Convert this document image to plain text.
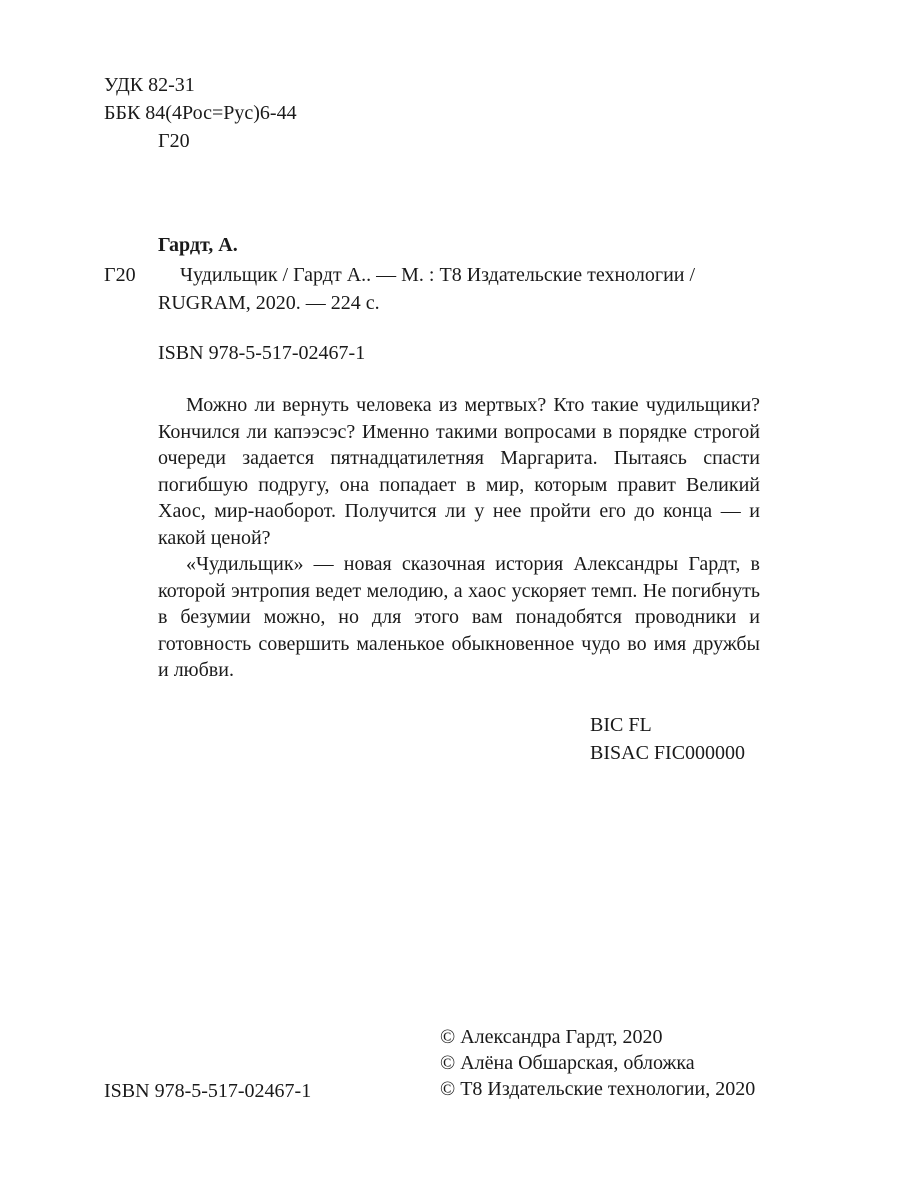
УДК 82-31
ББК 84(4Рос=Рус)6-44
Г20
Гардт, А.
Г20 Чудильщик / Гардт А.. — М. : Т8 Издательские технологии /
RUGRAM, 2020. — 224 с.
ISBN 978-5-517-02467-1

Можно ли вернуть человека из мертвых? Кто такие чудильщики? Кончился ли капээсэс? Именно такими вопросами в порядке строгой очереди задается пятнадцатилетняя Маргарита. Пытаясь спасти погибшую подругу, она попадает в мир, которым правит Великий Хаос, мир-наоборот. Получится ли у нее пройти его до конца — и какой ценой?

«Чудильщик» — новая сказочная история Александры Гардт, в которой энтропия ведет мелодию, а хаос ускоряет темп. Не погибнуть в безумии можно, но для этого вам понадобятся проводники и готовность совершить маленькое обыкновенное чудо во имя дружбы и любви.

BIC FL
BISAC FIC000000
ISBN 978-5-517-02467-1
© Александра Гардт, 2020
© Алёна Обшарская, обложка
© Т8 Издательские технологии, 2020
